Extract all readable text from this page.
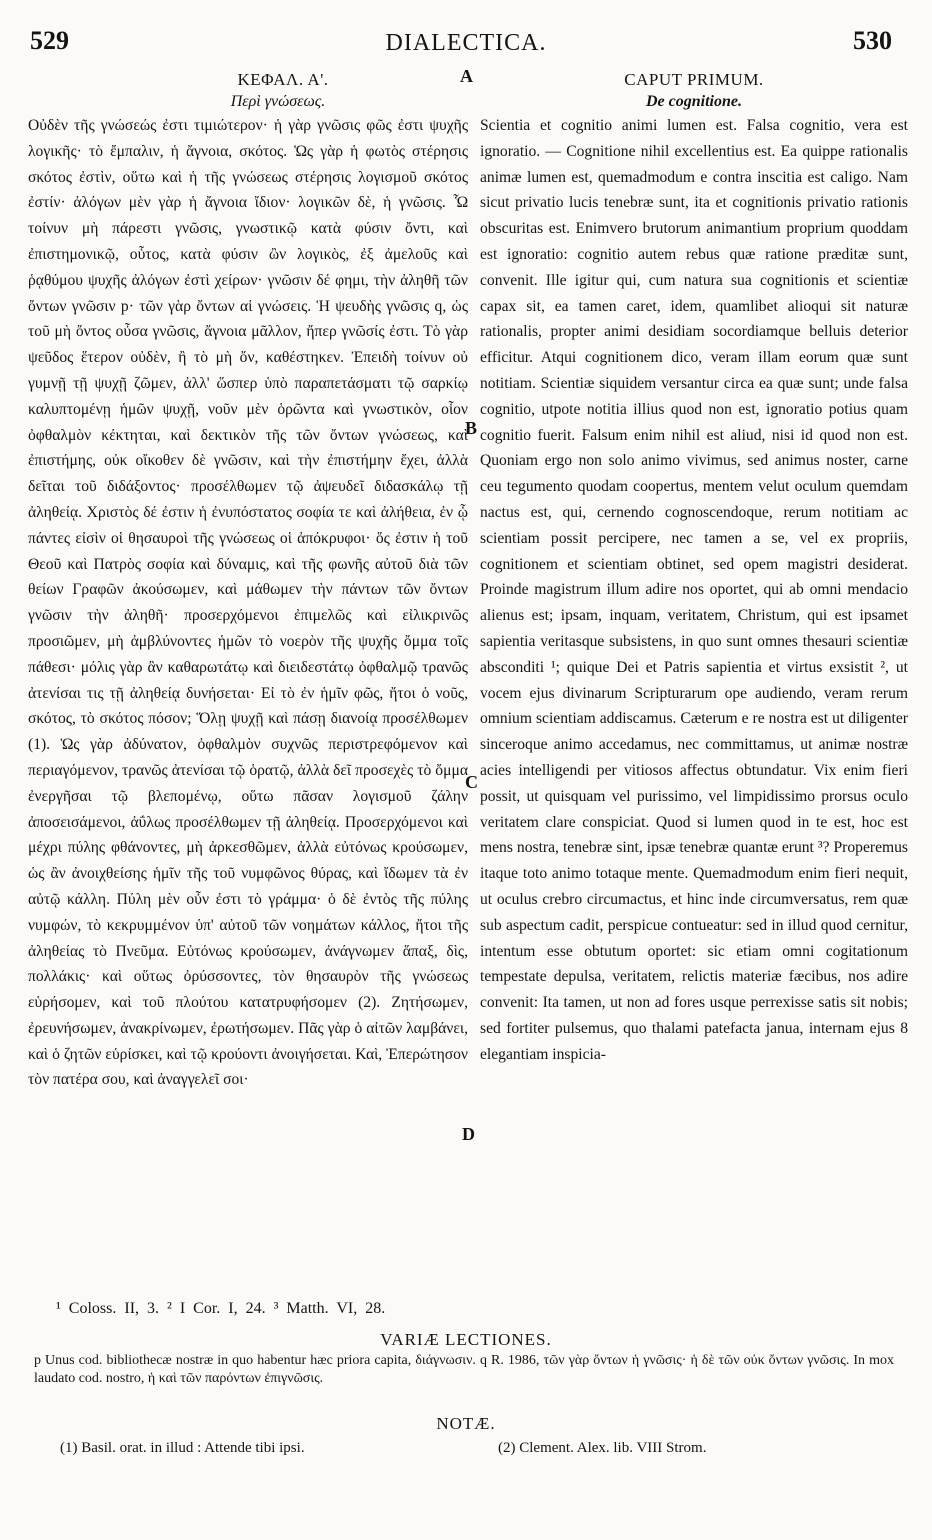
529	DIALECTICA.	530
A
B
C
D
ΚΕΦΑΛ. Α'.
Περὶ γνώσεως.

Οὐδὲν τῆς γνώσεώς ἐστι τιμιώτερον· ἡ γὰρ γνῶσις φῶς ἐστι ψυχῆς λογικῆς· τὸ ἔμπαλιν, ἡ ἄγνοια, σκότος. Ὡς γὰρ ἡ φωτὸς στέρησις σκότος ἐστὶν, οὕτω καὶ ἡ τῆς γνώσεως στέρησις λογισμοῦ σκότος ἐστίν· ἀλόγων μὲν γὰρ ἡ ἄγνοια ἴδιον· λογικῶν δὲ, ἡ γνῶσις. Ὧ τοίνυν μὴ πάρεστι γνῶσις, γνωστικῷ κατὰ φύσιν ὄντι, καὶ ἐπιστημονικῷ, οὗτος, κατὰ φύσιν ὢν λογικὸς, ἐξ ἀμελοῦς καὶ ῥᾳθύμου ψυχῆς ἀλόγων ἐστὶ χείρων· γνῶσιν δέ φημι, τὴν ἀληθῆ τῶν ὄντων γνῶσιν p· τῶν γὰρ ὄντων αἱ γνώσεις. Ἡ ψευδὴς γνῶσις q, ὡς τοῦ μὴ ὄντος οὖσα γνῶσις, ἄγνοια μᾶλλον, ἤπερ γνῶσίς ἐστι. Τὸ γὰρ ψεῦδος ἕτερον οὐδὲν, ἢ τὸ μὴ ὄν, καθέστηκεν. Ἐπειδὴ τοίνυν οὐ γυμνῇ τῇ ψυχῇ ζῶμεν, ἀλλ' ὥσπερ ὑπὸ παραπετάσματι τῷ σαρκίῳ καλυπτομένῃ ἡμῶν ψυχῇ, νοῦν μὲν ὁρῶντα καὶ γνωστικὸν, οἷον ὀφθαλμὸν κέκτηται, καὶ δεκτικὸν τῆς τῶν ὄντων γνώσεως, καὶ ἐπιστήμης, οὐκ οἴκοθεν δὲ γνῶσιν, καὶ τὴν ἐπιστήμην ἔχει, ἀλλὰ δεῖται τοῦ διδάξοντος· προσέλθωμεν τῷ ἀψευδεῖ διδασκάλῳ τῇ ἀληθείᾳ. Χριστὸς δέ ἐστιν ἡ ἐνυπόστατος σοφία τε καὶ ἀλήθεια, ἐν ᾧ πάντες εἰσὶν οἱ θησαυροὶ τῆς γνώσεως οἱ ἀπόκρυφοι· ὅς ἐστιν ἡ τοῦ Θεοῦ καὶ Πατρὸς σοφία καὶ δύναμις, καὶ τῆς φωνῆς αὐτοῦ διὰ τῶν θείων Γραφῶν ἀκούσωμεν, καὶ μάθωμεν τὴν πάντων τῶν ὄντων γνῶσιν τὴν ἀληθῆ· προσερχόμενοι ἐπιμελῶς καὶ εἰλικρινῶς προσιῶμεν, μὴ ἀμβλύνοντες ἡμῶν τὸ νοερὸν τῆς ψυχῆς ὄμμα τοῖς πάθεσι· μόλις γὰρ ἂν καθαρωτάτῳ καὶ διειδεστάτῳ ὀφθαλμῷ τρανῶς ἀτενίσαι τις τῇ ἀληθείᾳ δυνήσεται· Εἰ τὸ ἐν ἡμῖν φῶς, ἤτοι ὁ νοῦς, σκότος, τὸ σκότος πόσον; Ὅλῃ ψυχῇ καὶ πάσῃ διανοίᾳ προσέλθωμεν (1). Ὡς γὰρ ἀδύνατον, ὀφθαλμὸν συχνῶς περιστρεφόμενον καὶ περιαγόμενον, τρανῶς ἀτενίσαι τῷ ὁρατῷ, ἀλλὰ δεῖ προσεχὲς τὸ ὄμμα ἐνεργῆσαι τῷ βλεπομένῳ, οὕτω πᾶσαν λογισμοῦ ζάλην ἀποσεισάμενοι, ἀΰλως προσέλθωμεν τῇ ἀληθείᾳ. Προσερχόμενοι καὶ μέχρι πύλης φθάνοντες, μὴ ἀρκεσθῶμεν, ἀλλὰ εὐτόνως κρούσωμεν, ὡς ἂν ἀνοιχθείσης ἡμῖν τῆς τοῦ νυμφῶνος θύρας, καὶ ἴδωμεν τὰ ἐν αὐτῷ κάλλη. Πύλη μὲν οὖν ἐστι τὸ γράμμα· ὁ δὲ ἐντὸς τῆς πύλης νυμφών, τὸ κεκρυμμένον ὑπ' αὐτοῦ τῶν νοημάτων κάλλος, ἤτοι τῆς ἀληθείας τὸ Πνεῦμα. Εὐτόνως κρούσωμεν, ἀνάγνωμεν ἅπαξ, δὶς, πολλάκις· καὶ οὕτως ὀρύσσοντες, τὸν θησαυρὸν τῆς γνώσεως εὑρήσομεν, καὶ τοῦ πλούτου κατατρυφήσομεν (2). Ζητήσωμεν, ἐρευνήσωμεν, ἀνακρίνωμεν, ἐρωτήσωμεν. Πᾶς γὰρ ὁ αἰτῶν λαμβάνει, καὶ ὁ ζητῶν εὑρίσκει, καὶ τῷ κρούοντι ἀνοιγήσεται. Καὶ, Ἐπερώτησον τὸν πατέρα σου, καὶ ἀναγγελεῖ σοι·

CAPUT PRIMUM.
De cognitione.

Scientia et cognitio animi lumen est. Falsa cognitio, vera est ignoratio. — Cognitione nihil excellentius est. Ea quippe rationalis animæ lumen est, quemadmodum e contra inscitia est caligo. Nam sicut privatio lucis tenebræ sunt, ita et cognitionis privatio rationis obscuritas est. Enimvero brutorum animantium proprium quoddam est ignoratio: cognitio autem rebus quæ ratione præditæ sunt, convenit. Ille igitur qui, cum natura sua cognitionis et scientiæ capax sit, ea tamen caret, idem, quamlibet alioqui sit naturæ rationalis, propter animi desidiam socordiamque belluis deterior efficitur. Atqui cognitionem dico, veram illam eorum quæ sunt notitiam. Scientiæ siquidem versantur circa ea quæ sunt; unde falsa cognitio, utpote notitia illius quod non est, ignoratio potius quam cognitio fuerit. Falsum enim nihil est aliud, nisi id quod non est. Quoniam ergo non solo animo vivimus, sed animus noster, carne ceu tegumento quodam coopertus, mentem velut oculum quemdam nactus est, qui, cernendo cognoscendoque, rerum notitiam ac scientiam possit percipere, nec tamen a se, vel ex propriis, cognitionem et scientiam obtinet, sed opem magistri desiderat. Proinde magistrum illum adire nos oportet, qui ab omni mendacio alienus est; ipsam, inquam, veritatem, Christum, qui est ipsamet sapientia veritasque subsistens, in quo sunt omnes thesauri scientiæ absconditi ¹; quique Dei et Patris sapientia et virtus exsistit ², ut vocem ejus divinarum Scripturarum ope audiendo, veram rerum omnium scientiam addiscamus. Cæterum e re nostra est ut diligenter sinceroque animo accedamus, nec committamus, ut animæ nostræ acies intelligendi per vitiosos affectus obtundatur. Vix enim fieri possit, ut quisquam vel purissimo, vel limpidissimo prorsus oculo veritatem clare conspiciat. Quod si lumen quod in te est, hoc est mens nostra, tenebræ sint, ipsæ tenebræ quantæ erunt ³? Properemus itaque toto animo totaque mente. Quemadmodum enim fieri nequit, ut oculus crebro circumactus, et hinc inde circumversatus, rem quæ sub aspectum cadit, perspicue contueatur: sed in illud quod cernitur, intentum esse obtutum oportet: sic etiam omni cogitationum tempestate depulsa, veritatem, relictis materiæ fæcibus, nos adire convenit: Ita tamen, ut non ad fores usque perrexisse satis sit nobis; sed fortiter pulsemus, quo thalami patefacta janua, internam ejus 8 elegantiam inspicia-

¹ Coloss. II, 3. ² I Cor. I, 24. ³ Matth. VI, 28.
VARIÆ LECTIONES.
p Unus cod. bibliothecæ nostræ in quo habentur hæc priora capita, διάγνωσιν. q R. 1986, τῶν γὰρ ὄντων ἡ γνῶσις· ἡ δὲ τῶν οὐκ ὄντων γνῶσις. In mox laudato cod. nostro, ἡ καὶ τῶν παρόντων ἐπιγνῶσις.
NOTÆ.
(1) Basil. orat. in illud : Attende tibi ipsi.	(2) Clement. Alex. lib. VIII Strom.
